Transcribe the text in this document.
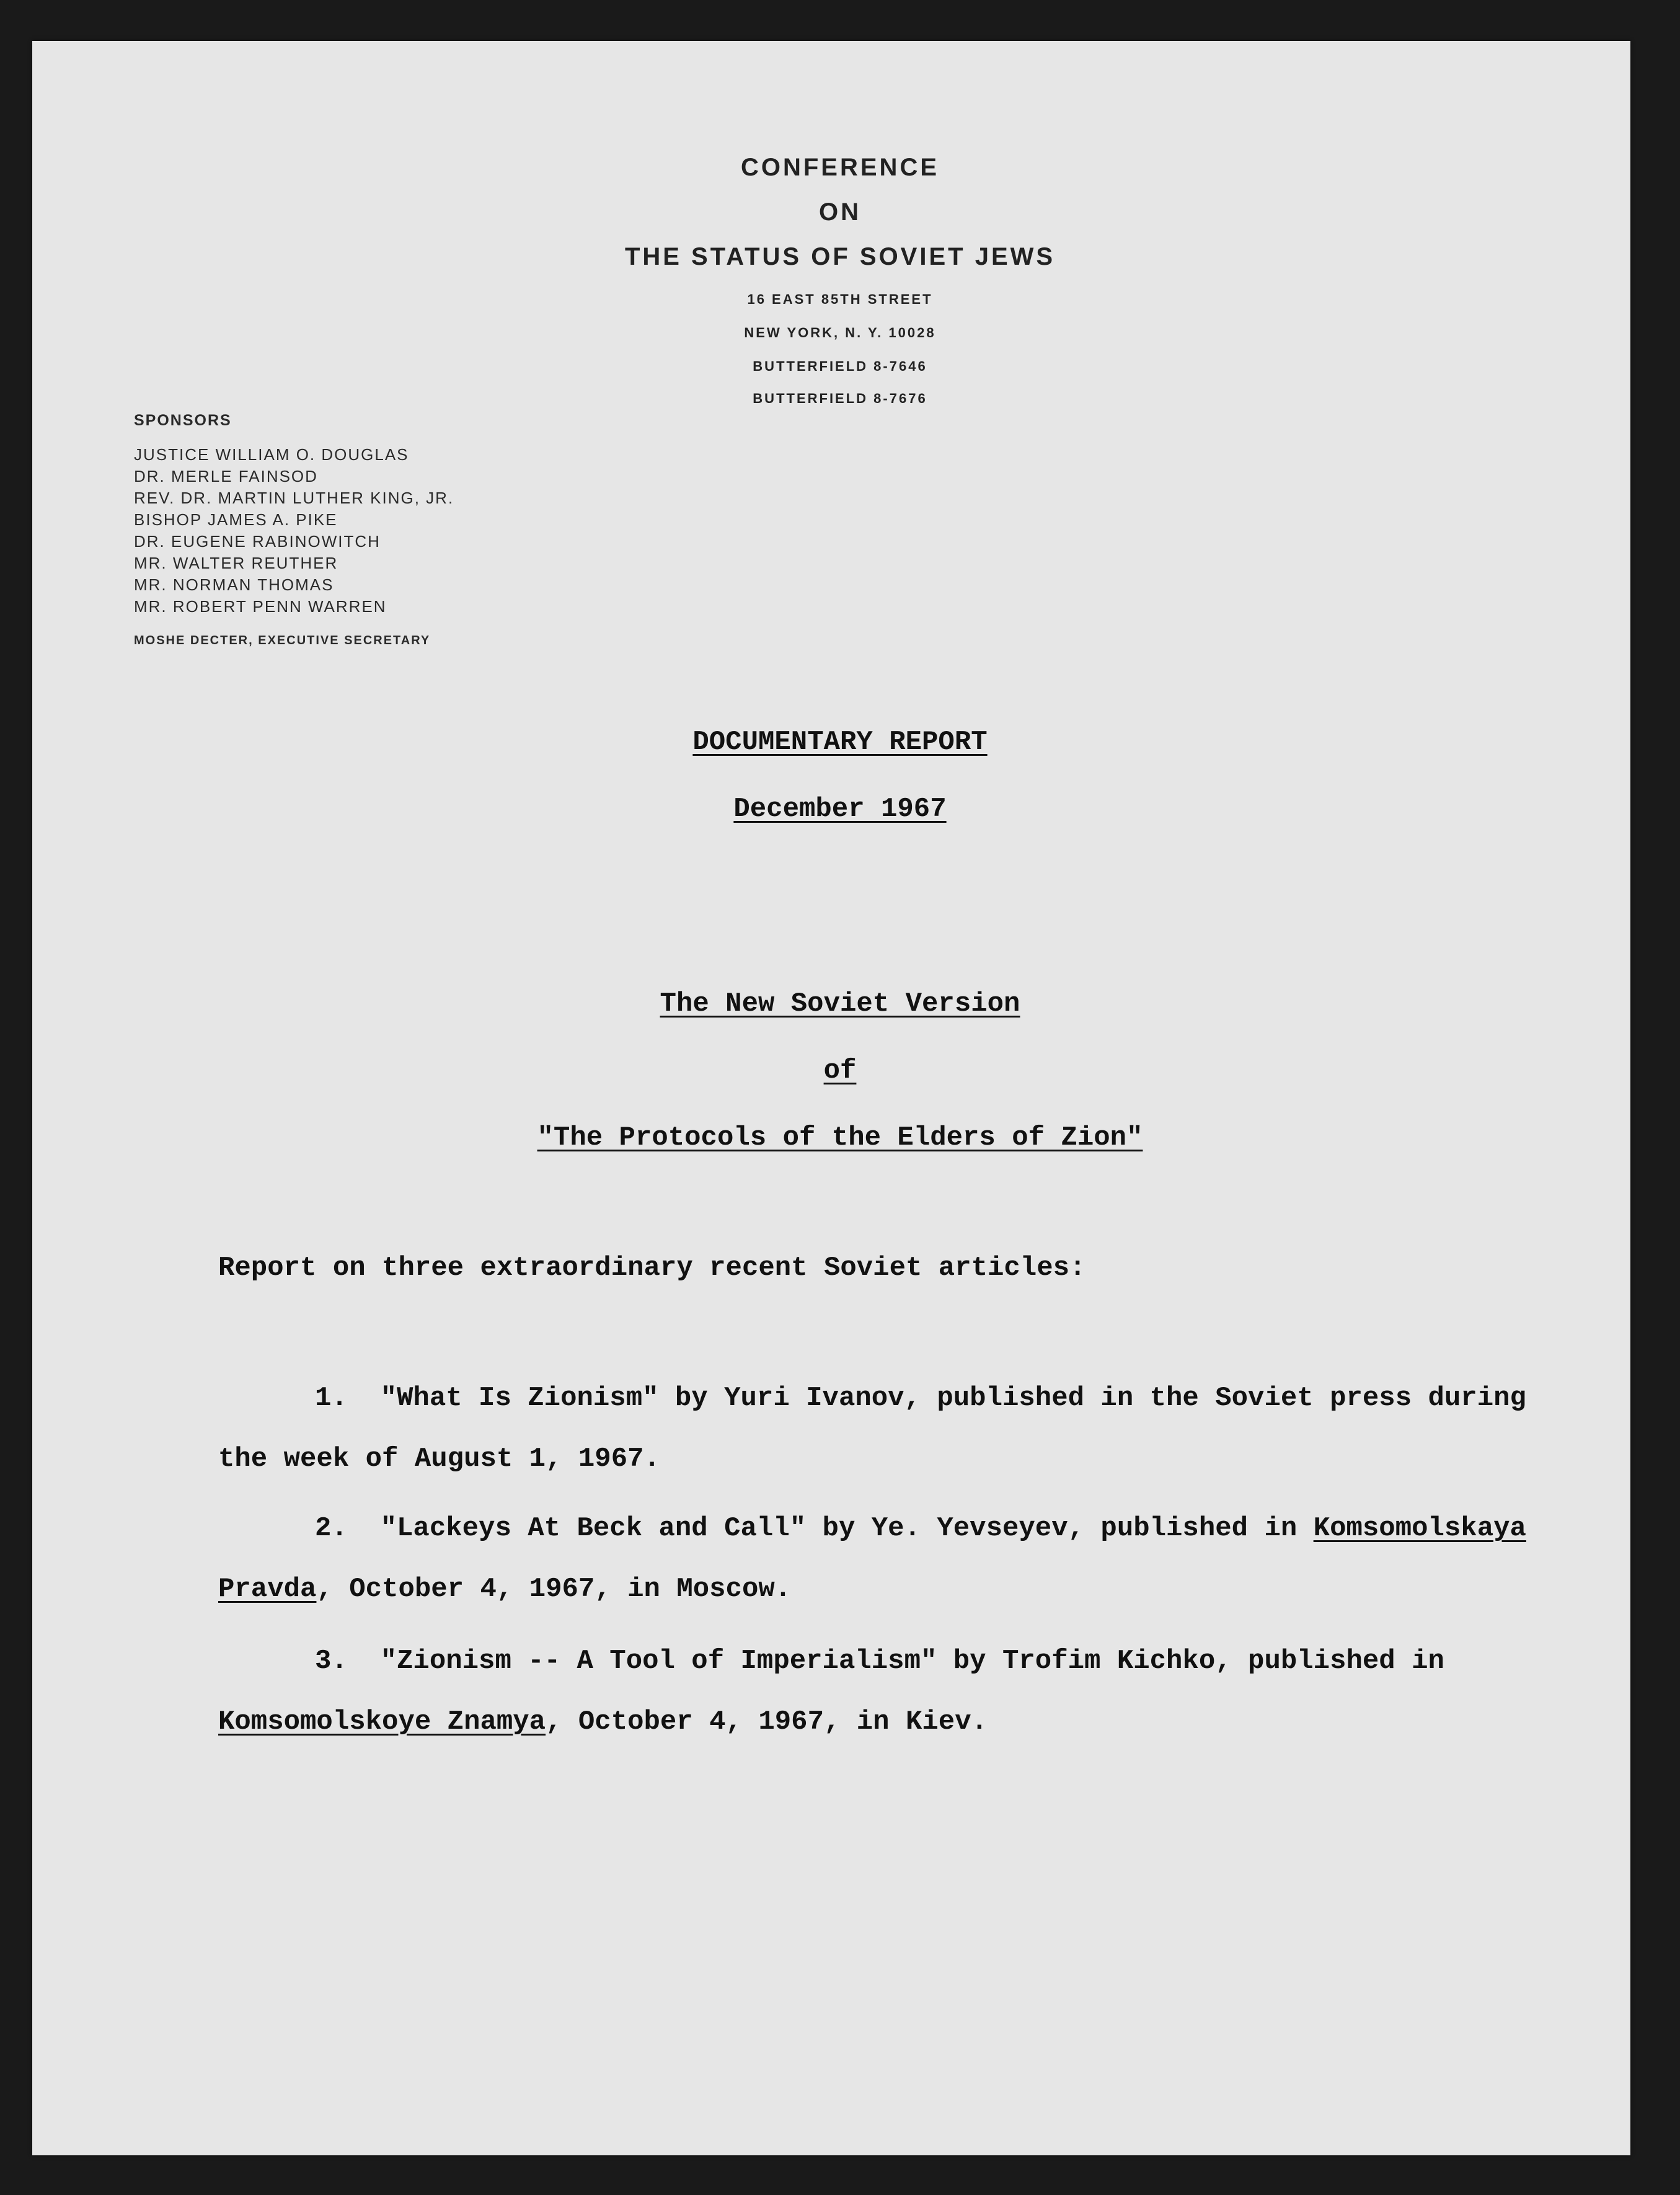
CONFERENCE
ON
THE STATUS OF SOVIET JEWS
16 EAST 85TH STREET
NEW YORK, N. Y. 10028
BUTTERFIELD 8-7646
BUTTERFIELD 8-7676
SPONSORS
JUSTICE WILLIAM O. DOUGLAS
DR. MERLE FAINSOD
REV. DR. MARTIN LUTHER KING, JR.
BISHOP JAMES A. PIKE
DR. EUGENE RABINOWITCH
MR. WALTER REUTHER
MR. NORMAN THOMAS
MR. ROBERT PENN WARREN
MOSHE DECTER, EXECUTIVE SECRETARY
DOCUMENTARY REPORT
December 1967
The New Soviet Version
of
"The Protocols of the Elders of Zion"
Report on three extraordinary recent Soviet articles:
1. "What Is Zionism" by Yuri Ivanov, published in the Soviet press during
the week of August 1, 1967.
2. "Lackeys At Beck and Call" by Ye. Yevseyev, published in Komsomolskaya
Pravda, October 4, 1967, in Moscow.
3. "Zionism -- A Tool of Imperialism" by Trofim Kichko, published in
Komsomolskoye Znamya, October 4, 1967, in Kiev.
